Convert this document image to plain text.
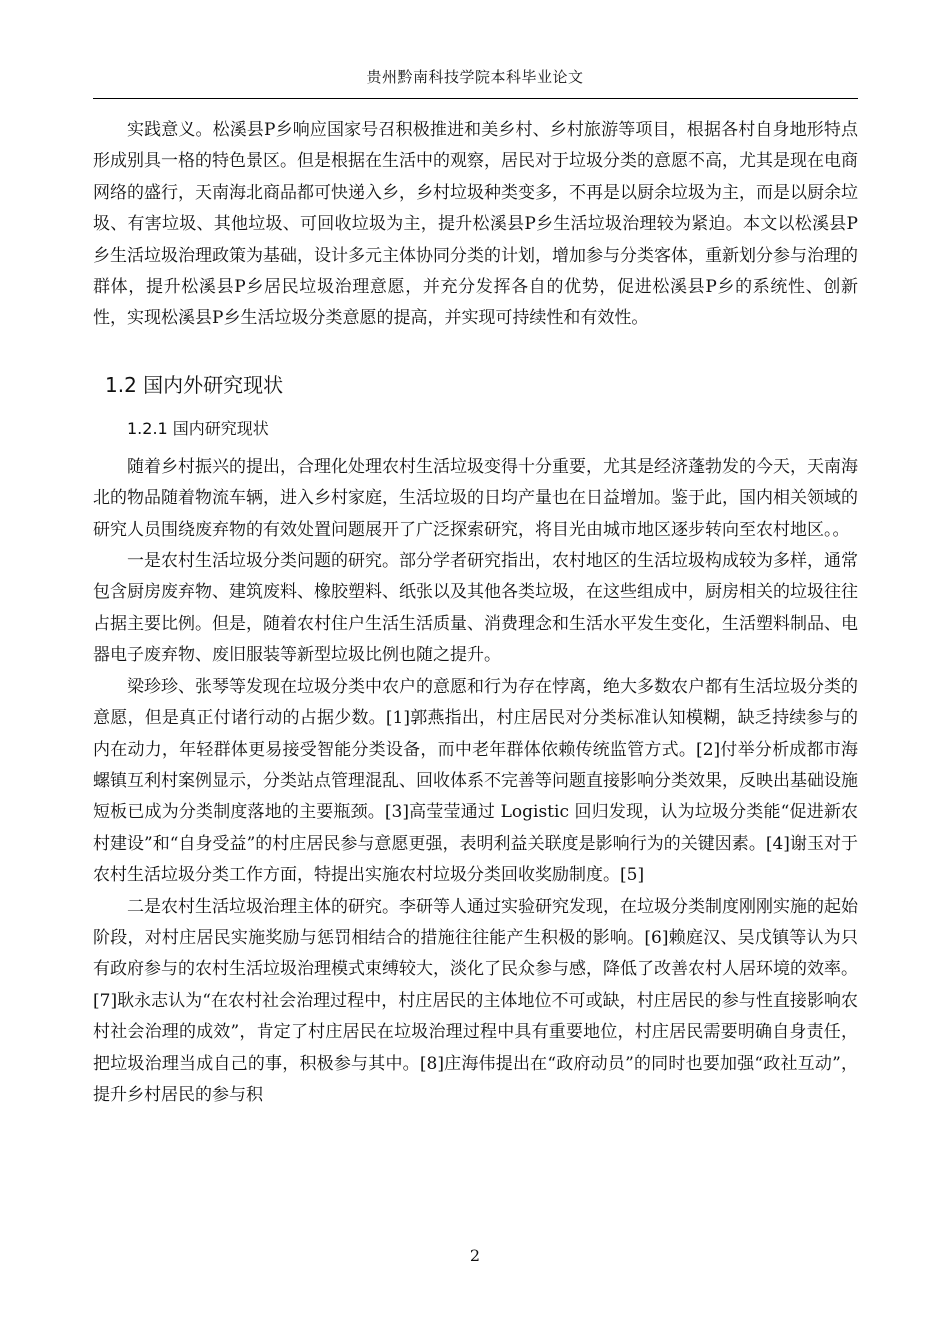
贵州黔南科技学院本科毕业论文

实践意义。松溪县P乡响应国家号召积极推进和美乡村、乡村旅游等项目，根据各村自身地形特点形成别具一格的特色景区。但是根据在生活中的观察，居民对于垃圾分类的意愿不高，尤其是现在电商网络的盛行，天南海北商品都可快递入乡，乡村垃圾种类变多，不再是以厨余垃圾为主，而是以厨余垃圾、有害垃圾、其他垃圾、可回收垃圾为主，提升松溪县P乡生活垃圾治理较为紧迫。本文以松溪县P乡生活垃圾治理政策为基础，设计多元主体协同分类的计划，增加参与分类客体，重新划分参与治理的群体，提升松溪县P乡居民垃圾治理意愿，并充分发挥各自的优势，促进松溪县P乡的系统性、创新性，实现松溪县P乡生活垃圾分类意愿的提高，并实现可持续性和有效性。

1.2 国内外研究现状
1.2.1 国内研究现状

随着乡村振兴的提出，合理化处理农村生活垃圾变得十分重要，尤其是经济蓬勃发的今天，天南海北的物品随着物流车辆，进入乡村家庭，生活垃圾的日均产量也在日益增加。鉴于此，国内相关领域的研究人员围绕废弃物的有效处置问题展开了广泛探索研究，将目光由城市地区逐步转向至农村地区。。

一是农村生活垃圾分类问题的研究。部分学者研究指出，农村地区的生活垃圾构成较为多样，通常包含厨房废弃物、建筑废料、橡胶塑料、纸张以及其他各类垃圾，在这些组成中，厨房相关的垃圾往往占据主要比例。但是，随着农村住户生活生活质量、消费理念和生活水平发生变化，生活塑料制品、电器电子废弃物、废旧服装等新型垃圾比例也随之提升。

梁珍珍、张琴等发现在垃圾分类中农户的意愿和行为存在悖离，绝大多数农户都有生活垃圾分类的意愿，但是真正付诸行动的占据少数。[1]郭燕指出，村庄居民对分类标准认知模糊，缺乏持续参与的内在动力，年轻群体更易接受智能分类设备，而中老年群体依赖传统监管方式。[2]付举分析成都市海螺镇互利村案例显示，分类站点管理混乱、回收体系不完善等问题直接影响分类效果，反映出基础设施短板已成为分类制度落地的主要瓶颈。[3]高莹莹通过 Logistic 回归发现，认为垃圾分类能“促进新农村建设”和“自身受益”的村庄居民参与意愿更强，表明利益关联度是影响行为的关键因素。[4]谢玉对于农村生活垃圾分类工作方面，特提出实施农村垃圾分类回收奖励制度。[5]

二是农村生活垃圾治理主体的研究。李研等人通过实验研究发现，在垃圾分类制度刚刚实施的起始阶段，对村庄居民实施奖励与惩罚相结合的措施往往能产生积极的影响。[6]赖庭汉、吴戊镇等认为只有政府参与的农村生活垃圾治理模式束缚较大，淡化了民众参与感，降低了改善农村人居环境的效率。[7]耿永志认为“在农村社会治理过程中，村庄居民的主体地位不可或缺，村庄居民的参与性直接影响农村社会治理的成效”，肯定了村庄居民在垃圾治理过程中具有重要地位，村庄居民需要明确自身责任，把垃圾治理当成自己的事，积极参与其中。[8]庄海伟提出在“政府动员”的同时也要加强“政社互动”，提升乡村居民的参与积

2
